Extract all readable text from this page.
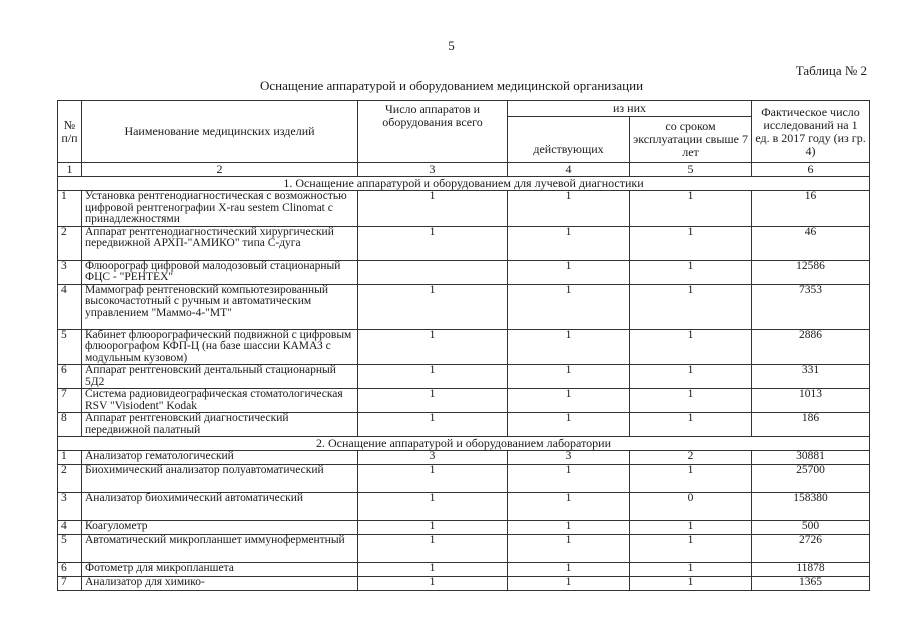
5
Таблица № 2
Оснащение аппаратурой и оборудованием медицинской организации
№ п/п	Наименование медицинских изделий	Число аппаратов и оборудования всего	из них		Фактическое число исследований на 1 ед. в 2017 году (из гр. 4)
			действующих	со сроком эксплуатации свыше 7 лет	
1	2	3	4	5	6
1. Оснащение аппаратурой и оборудованием для лучевой диагностики					
1	Установка рентгенодиагностическая с возможностью цифровой рентгенографии X-rau sestem Clinomat с принадлежностями	1	1	1	16
2	Аппарат рентгенодиагностический хирургический передвижной АРХП-"АМИКО" типа С-дуга	1	1	1	46
3	Флюорограф цифровой малодозовый стационарный ФЦС - "РЕНТЕХ"		1	1	12586
4	Маммограф рентгеновский компьютезированный высокочастотный с ручным и автоматическим управлением "Маммо-4-"МТ"	1	1	1	7353
5	Кабинет флюорографический подвижной с цифровым флюорографом КФП-Ц (на базе шасcии КАМАЗ с модульным кузовом)	1	1	1	2886
6	Аппарат рентгеновский дентальный стационарный 5Д2	1	1	1	331
7	Система радиовидеографическая стоматологическая RSV "Visiodent" Kodak	1	1	1	1013
8	Аппарат рентгеновский диагностический передвижной палатный	1	1	1	186
2. Оснащение аппаратурой и оборудованием лаборатории					
1	Анализатор гематологический	3	3	2	30881
2	Биохимический анализатор полуавтоматический	1	1	1	25700
3	Анализатор биохимический автоматический	1	1	0	158380
4	Коагулометр	1	1	1	500
5	Автоматический микропланшет иммуноферментный	1	1	1	2726
6	Фотометр для микропланшета	1	1	1	11878
7	Анализатор для химико-	1	1	1	1365
